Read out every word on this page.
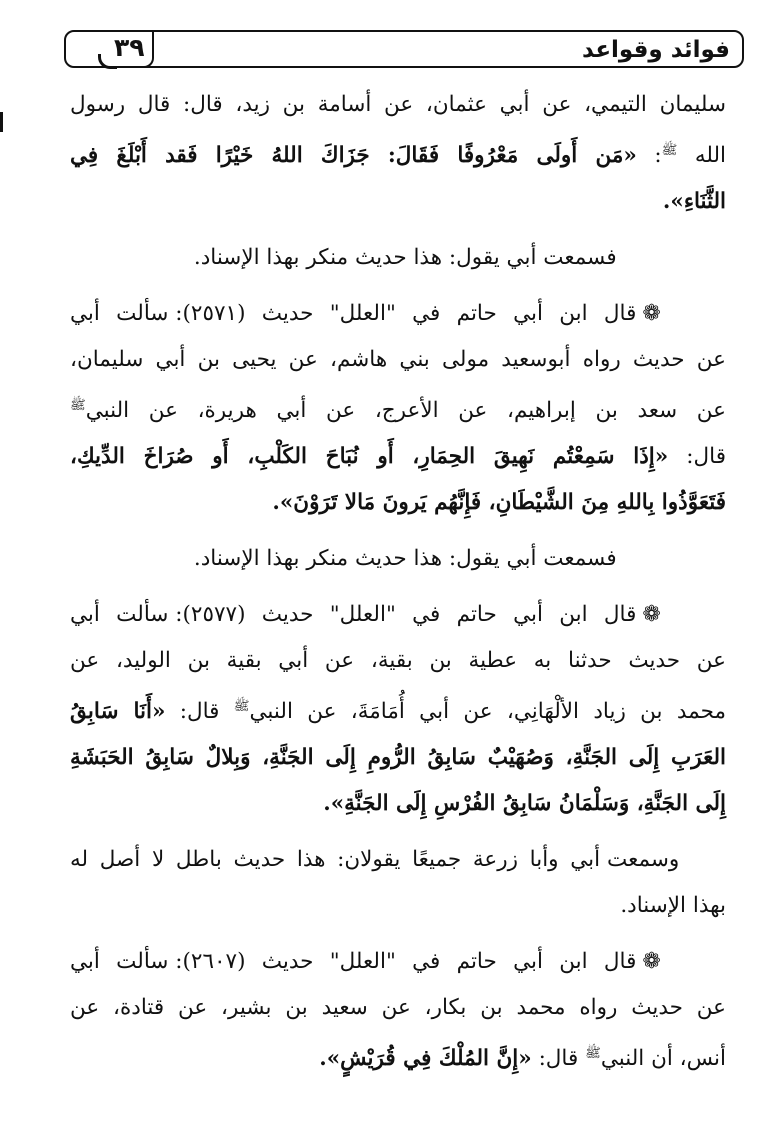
فوائد وقواعد
٣٩
سليمان التيمي، عن أبي عثمان، عن أسامة بن زيد، قال: قال رسول
الله $^ﷺ$: «مَن أَولَى مَعْرُوفًا فَقَالَ: جَزَاكَ اللهُ خَيْرًا فَقد أَبْلَغَ فِي
الثَّنَاءِ».
فسمعت أبي يقول: هذا حديث منكر بهذا الإسناد.
❁قال ابن أبي حاتم في "العلل" حديث (٢٥٧١): سألت أبي
عن حديث رواه أبوسعيد مولى بني هاشم، عن يحيى بن أبي سليمان،
عن سعد بن إبراهيم، عن الأعرج، عن أبي هريرة، عن النبي$^ﷺ$
قال: «إِذَا سَمِعْتُم نَهِيقَ الحِمَارِ، أَو نُبَاحَ الكَلْبِ، أَو صُرَاخَ الدِّيكِ،
فَتَعَوَّذُوا بِاللهِ مِنَ الشَّيْطَانِ، فَإِنَّهُم يَرونَ مَالا تَرَوْنَ».
فسمعت أبي يقول: هذا حديث منكر بهذا الإسناد.
❁قال ابن أبي حاتم في "العلل" حديث (٢٥٧٧): سألت أبي
عن حديث حدثنا به عطية بن بقية، عن أبي بقية بن الوليد، عن
محمد بن زياد الألْهَانِي، عن أبي أُمَامَةَ، عن النبي$^ﷺ$ قال: «أَنَا سَابِقُ
العَرَبِ إِلَى الجَنَّةِ، وَصُهَيْبٌ سَابِقُ الرُّومِ إِلَى الجَنَّةِ، وَبِلالٌ سَابِقُ الحَبَشَةِ
إِلَى الجَنَّةِ، وَسَلْمَانُ سَابِقُ الفُرْسِ إِلَى الجَنَّةِ».
وسمعت أبي وأبا زرعة جميعًا يقولان: هذا حديث باطل لا أصل له
بهذا الإسناد.
❁قال ابن أبي حاتم في "العلل" حديث (٢٦٠٧): سألت أبي
عن حديث رواه محمد بن بكار، عن سعيد بن بشير، عن قتادة، عن
أنس، أن النبي$^ﷺ$ قال: «إِنَّ المُلْكَ فِي قُرَيْشٍ».
